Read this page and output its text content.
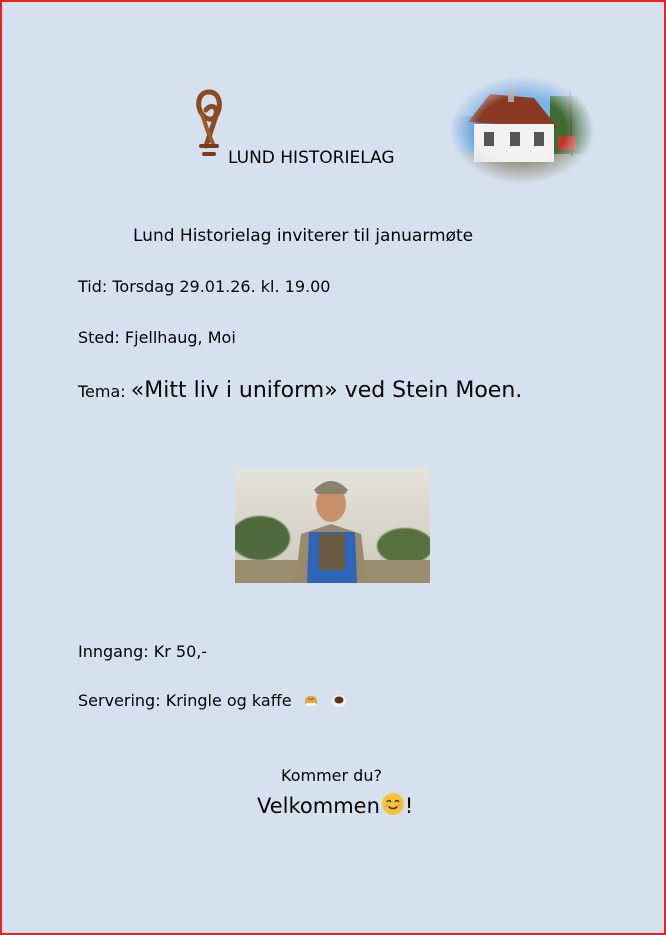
LUND HISTORIELAG
Lund Historielag inviterer til januarmøte
Tid: Torsdag 29.01.26. kl. 19.00
Sted: Fjellhaug, Moi
Tema: «Mitt liv i uniform» ved Stein Moen.
Inngang: Kr 50,-
Servering: Kringle og kaffe
Kommer du?
Velkommen !
